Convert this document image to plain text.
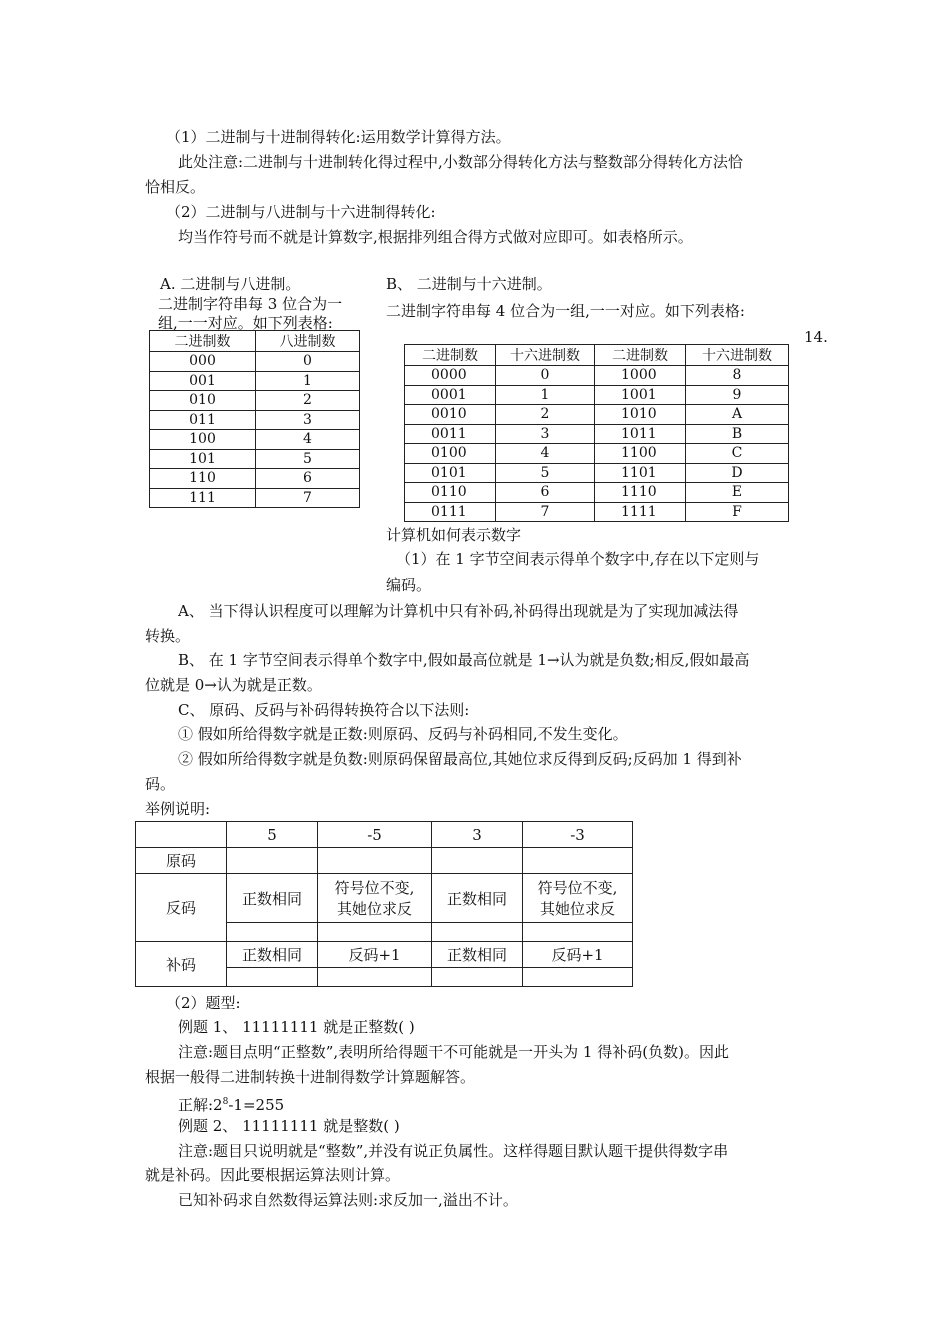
（1）二进制与十进制得转化:运用数学计算得方法。
此处注意:二进制与十进制转化得过程中,小数部分得转化方法与整数部分得转化方法恰
恰相反。
（2）二进制与八进制与十六进制得转化:
均当作符号而不就是计算数字,根据排列组合得方式做对应即可。如表格所示。
A. 二进制与八进制。
二进制字符串每 3 位合为一
组,一一对应。如下列表格:
二进制数	八进制数
000	0
001	1
010	2
011	3
100	4
101	5
110	6
111	7
B、 二进制与十六进制。
二进制字符串每 4 位合为一组,一一对应。如下列表格:
14.
二进制数	十六进制数	二进制数	十六进制数
0000	0	1000	8
0001	1	1001	9
0010	2	1010	A
0011	3	1011	B
0100	4	1100	C
0101	5	1101	D
0110	6	1110	E
0111	7	1111	F
计算机如何表示数字
（1）在 1 字节空间表示得单个数字中,存在以下定则与
编码。
A、 当下得认识程度可以理解为计算机中只有补码,补码得出现就是为了实现加减法得
转换。
B、 在 1 字节空间表示得单个数字中,假如最高位就是 1→认为就是负数;相反,假如最高
位就是 0→认为就是正数。
C、 原码、反码与补码得转换符合以下法则:
① 假如所给得数字就是正数:则原码、反码与补码相同,不发生变化。
② 假如所给得数字就是负数:则原码保留最高位,其她位求反得到反码;反码加 1 得到补
码。
举例说明:
	5	-5	3	-3
原码				
反码	正数相同	符号位不变,
其她位求反	正数相同	符号位不变,
其她位求反

补码	正数相同	反码+1	正数相同	反码+1

（2）题型:
例题 1、 11111111 就是正整数( )
注意:题目点明“正整数”,表明所给得题干不可能就是一开头为 1 得补码(负数)。因此
根据一般得二进制转换十进制得数学计算题解答。
正解$:2^8-1=255$
例题 2、 11111111 就是整数( )
注意:题目只说明就是“整数”,并没有说正负属性。这样得题目默认题干提供得数字串
就是补码。因此要根据运算法则计算。
已知补码求自然数得运算法则:求反加一,溢出不计。
